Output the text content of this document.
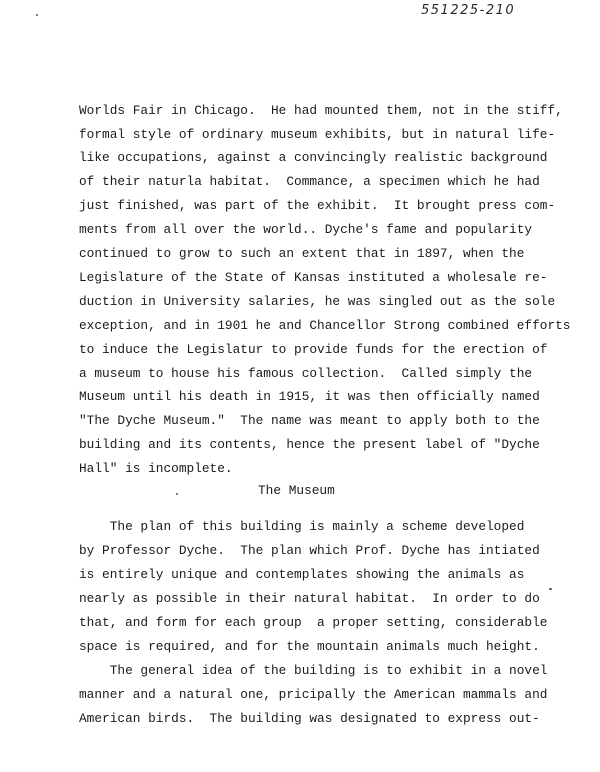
551225-210
Worlds Fair in Chicago.  He had mounted them, not in the stiff,
formal style of ordinary museum exhibits, but in natural life-
like occupations, against a convincingly realistic background
of their naturla habitat.  Commance, a specimen which he had
just finished, was part of the exhibit.  It brought press com-
ments from all over the world.. Dyche's fame and popularity
continued to grow to such an extent that in 1897, when the
Legislature of the State of Kansas instituted a wholesale re-
duction in University salaries, he was singled out as the sole
exception, and in 1901 he and Chancellor Strong combined efforts
to induce the Legislatur to provide funds for the erection of
a museum to house his famous collection.  Called simply the
Museum until his death in 1915, it was then officially named
"The Dyche Museum."  The name was meant to apply both to the
building and its contents, hence the present label of "Dyche
Hall" is incomplete.
The Museum
The plan of this building is mainly a scheme developed
by Professor Dyche.  The plan which Prof. Dyche has intiated
is entirely unique and contemplates showing the animals as
nearly as possible in their natural habitat.  In order to do
that, and form for each group  a proper setting, considerable
space is required, and for the mountain animals much height.
The general idea of the building is to exhibit in a novel
manner and a natural one, pricipally the American mammals and
American birds.  The building was designated to express out-
